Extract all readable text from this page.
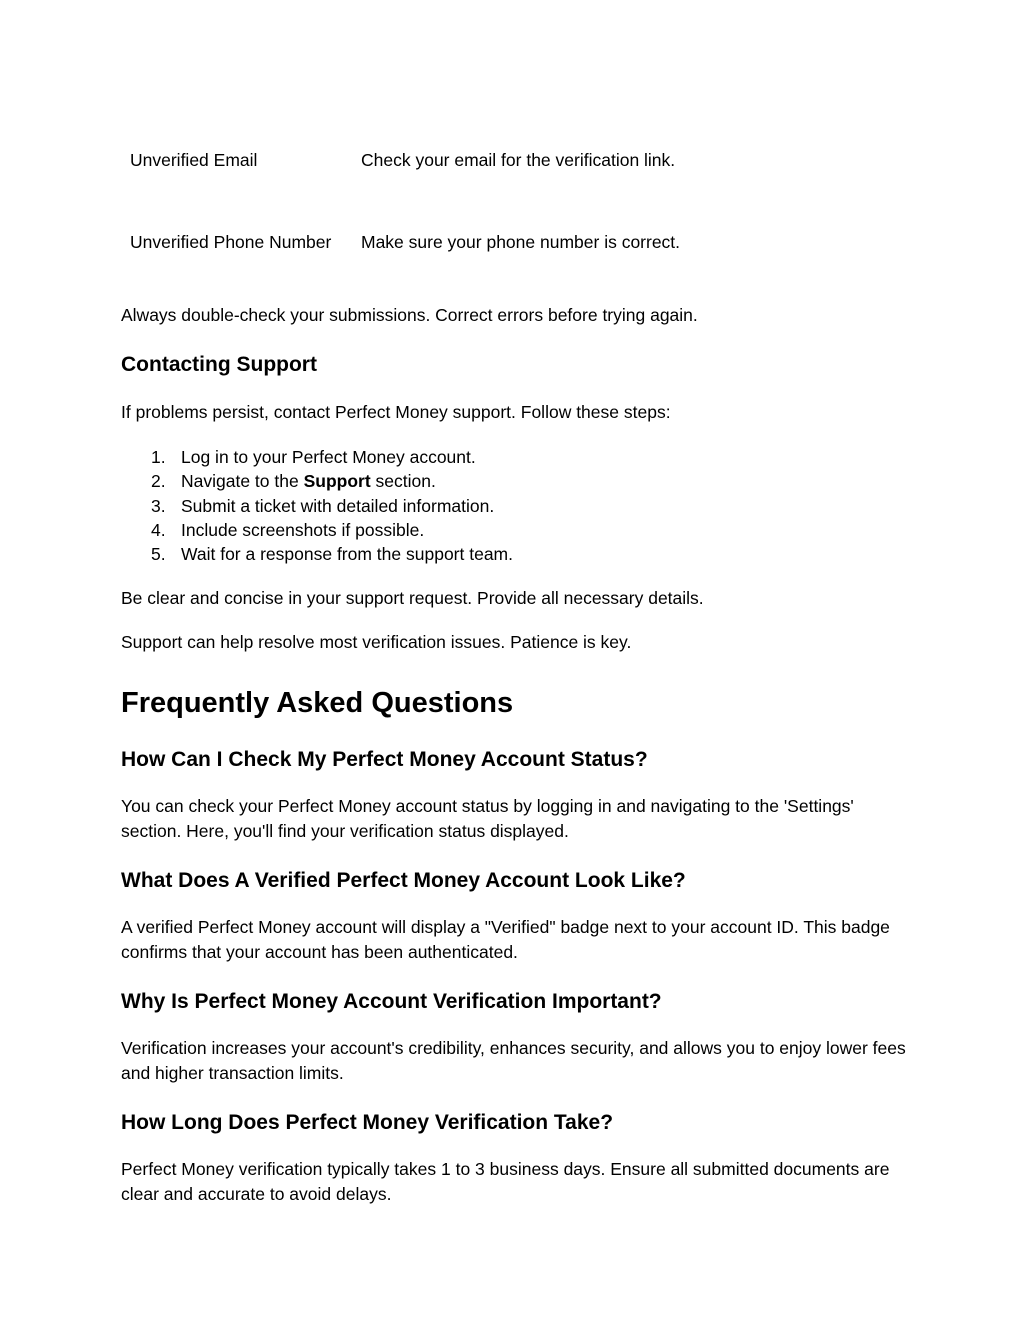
Unverified Email	Check your email for the verification link.
Unverified Phone Number Make sure your phone number is correct.
Always double-check your submissions. Correct errors before trying again.
Contacting Support
If problems persist, contact Perfect Money support. Follow these steps:
1. Log in to your Perfect Money account.
2. Navigate to the Support section.
3. Submit a ticket with detailed information.
4. Include screenshots if possible.
5. Wait for a response from the support team.
Be clear and concise in your support request. Provide all necessary details.
Support can help resolve most verification issues. Patience is key.
Frequently Asked Questions
How Can I Check My Perfect Money Account Status?
You can check your Perfect Money account status by logging in and navigating to the 'Settings' section. Here, you'll find your verification status displayed.
What Does A Verified Perfect Money Account Look Like?
A verified Perfect Money account will display a "Verified" badge next to your account ID. This badge confirms that your account has been authenticated.
Why Is Perfect Money Account Verification Important?
Verification increases your account's credibility, enhances security, and allows you to enjoy lower fees and higher transaction limits.
How Long Does Perfect Money Verification Take?
Perfect Money verification typically takes 1 to 3 business days. Ensure all submitted documents are clear and accurate to avoid delays.
